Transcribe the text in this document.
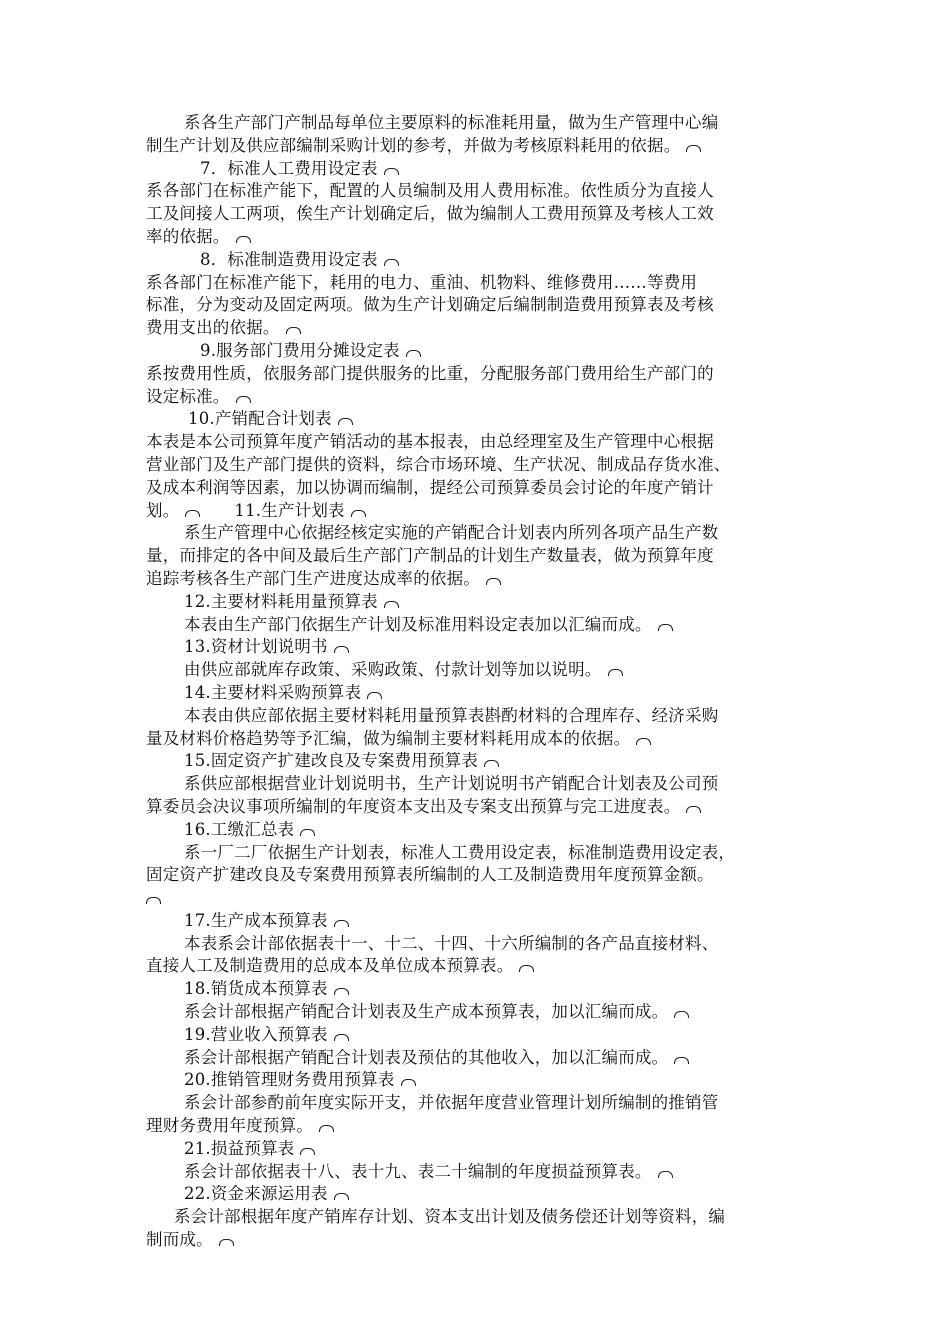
系各生产部门产制品每单位主要原料的标准耗用量，做为生产管理中心编
制生产计划及供应部编制采购计划的参考，并做为考核原料耗用的依据。
7．标准人工费用设定表
系各部门在标准产能下，配置的人员编制及用人费用标准。依性质分为直接人
工及间接人工两项，俟生产计划确定后，做为编制人工费用预算及考核人工效
率的依据。
8．标准制造费用设定表
系各部门在标准产能下，耗用的电力、重油、机物料、维修费用……等费用
标准，分为变动及固定两项。做为生产计划确定后编制制造费用预算表及考核
费用支出的依据。
9.服务部门费用分摊设定表
系按费用性质，依服务部门提供服务的比重，分配服务部门费用给生产部门的
设定标准。
10.产销配合计划表
本表是本公司预算年度产销活动的基本报表，由总经理室及生产管理中心根据
营业部门及生产部门提供的资料，综合市场环境、生产状况、制成品存货水准、
及成本利润等因素，加以协调而编制，提经公司预算委员会讨论的年度产销计
划。	11.生产计划表
系生产管理中心依据经核定实施的产销配合计划表内所列各项产品生产数
量，而排定的各中间及最后生产部门产制品的计划生产数量表，做为预算年度
追踪考核各生产部门生产进度达成率的依据。
12.主要材料耗用量预算表
本表由生产部门依据生产计划及标准用料设定表加以汇编而成。
13.资材计划说明书
由供应部就库存政策、采购政策、付款计划等加以说明。
14.主要材料采购预算表
本表由供应部依据主要材料耗用量预算表斟酌材料的合理库存、经济采购
量及材料价格趋势等予汇编，做为编制主要材料耗用成本的依据。
15.固定资产扩建改良及专案费用预算表
系供应部根据营业计划说明书，生产计划说明书产销配合计划表及公司预
算委员会决议事项所编制的年度资本支出及专案支出预算与完工进度表。
16.工缴汇总表
系一厂二厂依据生产计划表，标准人工费用设定表，标准制造费用设定表，
固定资产扩建改良及专案费用预算表所编制的人工及制造费用年度预算金额。
17.生产成本预算表
本表系会计部依据表十一、十二、十四、十六所编制的各产品直接材料、
直接人工及制造费用的总成本及单位成本预算表。
18.销货成本预算表
系会计部根据产销配合计划表及生产成本预算表，加以汇编而成。
19.营业收入预算表
系会计部根据产销配合计划表及预估的其他收入，加以汇编而成。
20.推销管理财务费用预算表
系会计部参酌前年度实际开支，并依据年度营业管理计划所编制的推销管
理财务费用年度预算。
21.损益预算表
系会计部依据表十八、表十九、表二十编制的年度损益预算表。
22.资金来源运用表
系会计部根据年度产销库存计划、资本支出计划及债务偿还计划等资料，编
制而成。
